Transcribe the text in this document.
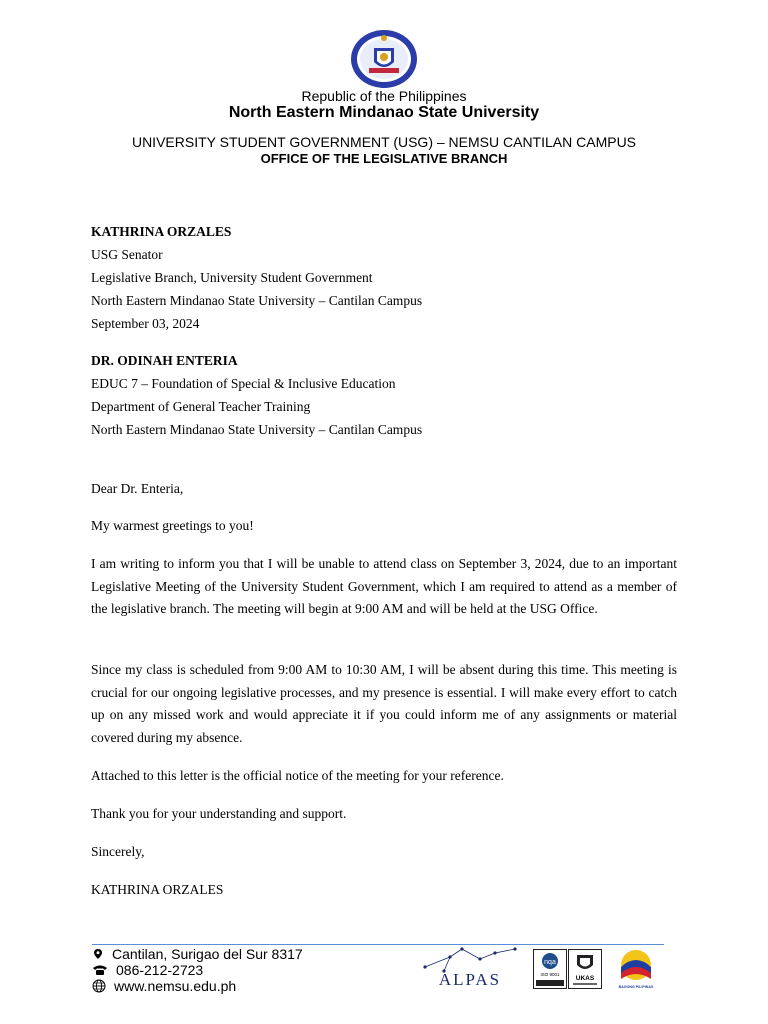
Republic of the Philippines
North Eastern Mindanao State University
UNIVERSITY STUDENT GOVERNMENT (USG) – NEMSU CANTILAN CAMPUS
OFFICE OF THE LEGISLATIVE BRANCH
KATHRINA ORZALES
USG Senator
Legislative Branch, University Student Government
North Eastern Mindanao State University – Cantilan Campus
September 03, 2024
DR. ODINAH ENTERIA
EDUC 7 – Foundation of Special & Inclusive Education
Department of General Teacher Training
North Eastern Mindanao State University – Cantilan Campus
Dear Dr. Enteria,
My warmest greetings to you!
I am writing to inform you that I will be unable to attend class on September 3, 2024, due to an important Legislative Meeting of the University Student Government, which I am required to attend as a member of the legislative branch. The meeting will begin at 9:00 AM and will be held at the USG Office.
Since my class is scheduled from 9:00 AM to 10:30 AM, I will be absent during this time. This meeting is crucial for our ongoing legislative processes, and my presence is essential. I will make every effort to catch up on any missed work and would appreciate it if you could inform me of any assignments or material covered during my absence.
Attached to this letter is the official notice of the meeting for your reference.
Thank you for your understanding and support.
Sincerely,
KATHRINA ORZALES
Cantilan, Surigao del Sur 8317
086-212-2723
www.nemsu.edu.ph	ALPAS
nqa
ISO 9001
UKAS
BAGONG PILIPINAS
